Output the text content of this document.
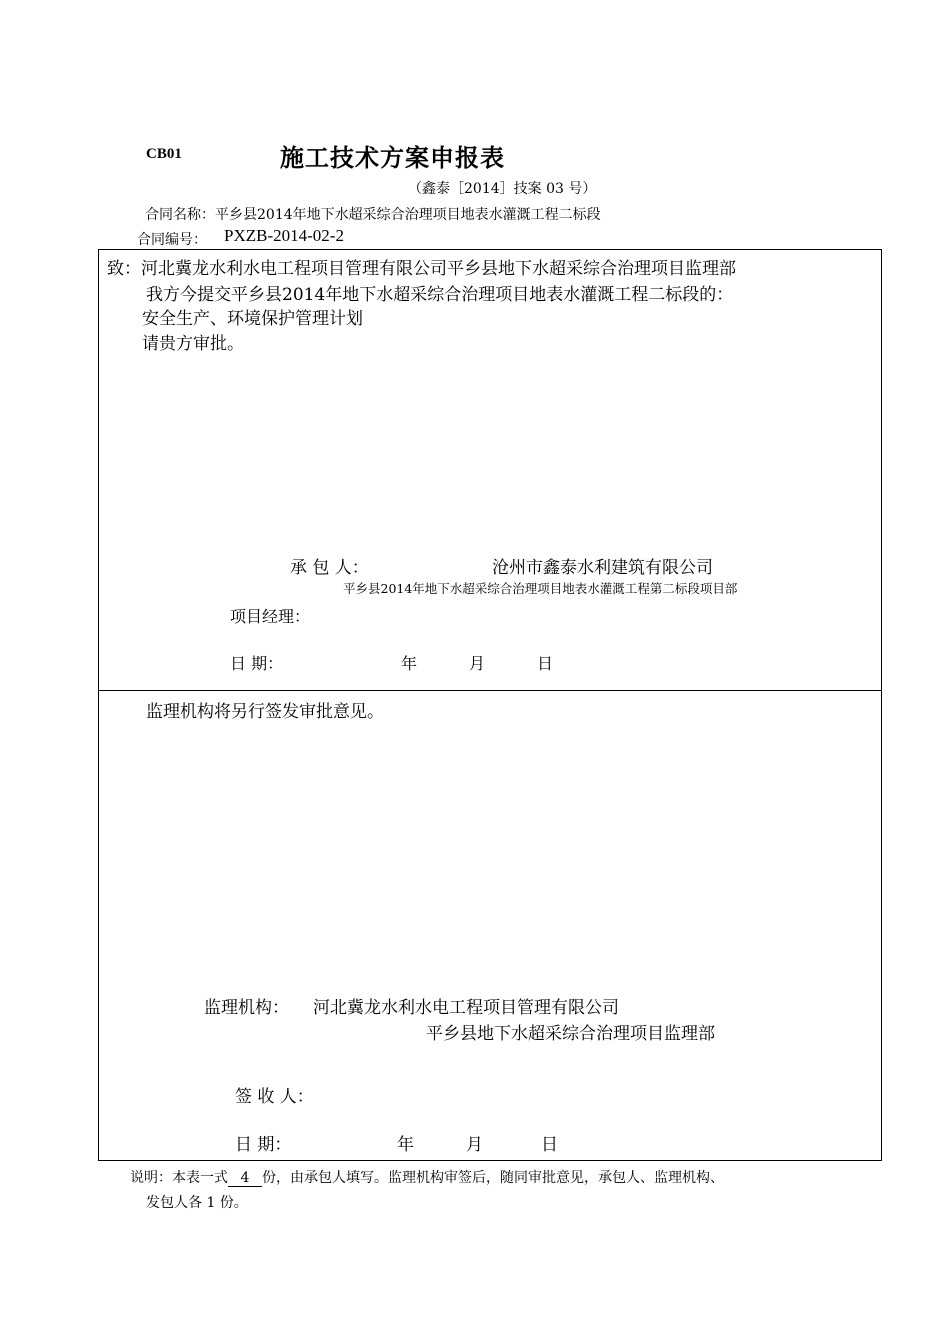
CB01	施工技术方案申报表
（鑫泰［2014］技案 03 号）
合同名称：平乡县2014年地下水超采综合治理项目地表水灌溉工程二标段
合同编号： PXZB-2014-02-2
致：河北冀龙水利水电工程项目管理有限公司平乡县地下水超采综合治理项目监理部
我方今提交平乡县2014年地下水超采综合治理项目地表水灌溉工程二标段的：
安全生产、环境保护管理计划
请贵方审批。
承 包 人：	沧州市鑫泰水利建筑有限公司
平乡县2014年地下水超采综合治理项目地表水灌溉工程第二标段项目部
项目经理：
日 期：	年	月	日
监理机构将另行签发审批意见。
监理机构： 河北冀龙水利水电工程项目管理有限公司
平乡县地下水超采综合治理项目监理部
签 收 人：
日 期：	年	月	日
说明：本表一式 4 份，由承包人填写。监理机构审签后，随同审批意见，承包人、监理机构、
发包人各 1 份。
